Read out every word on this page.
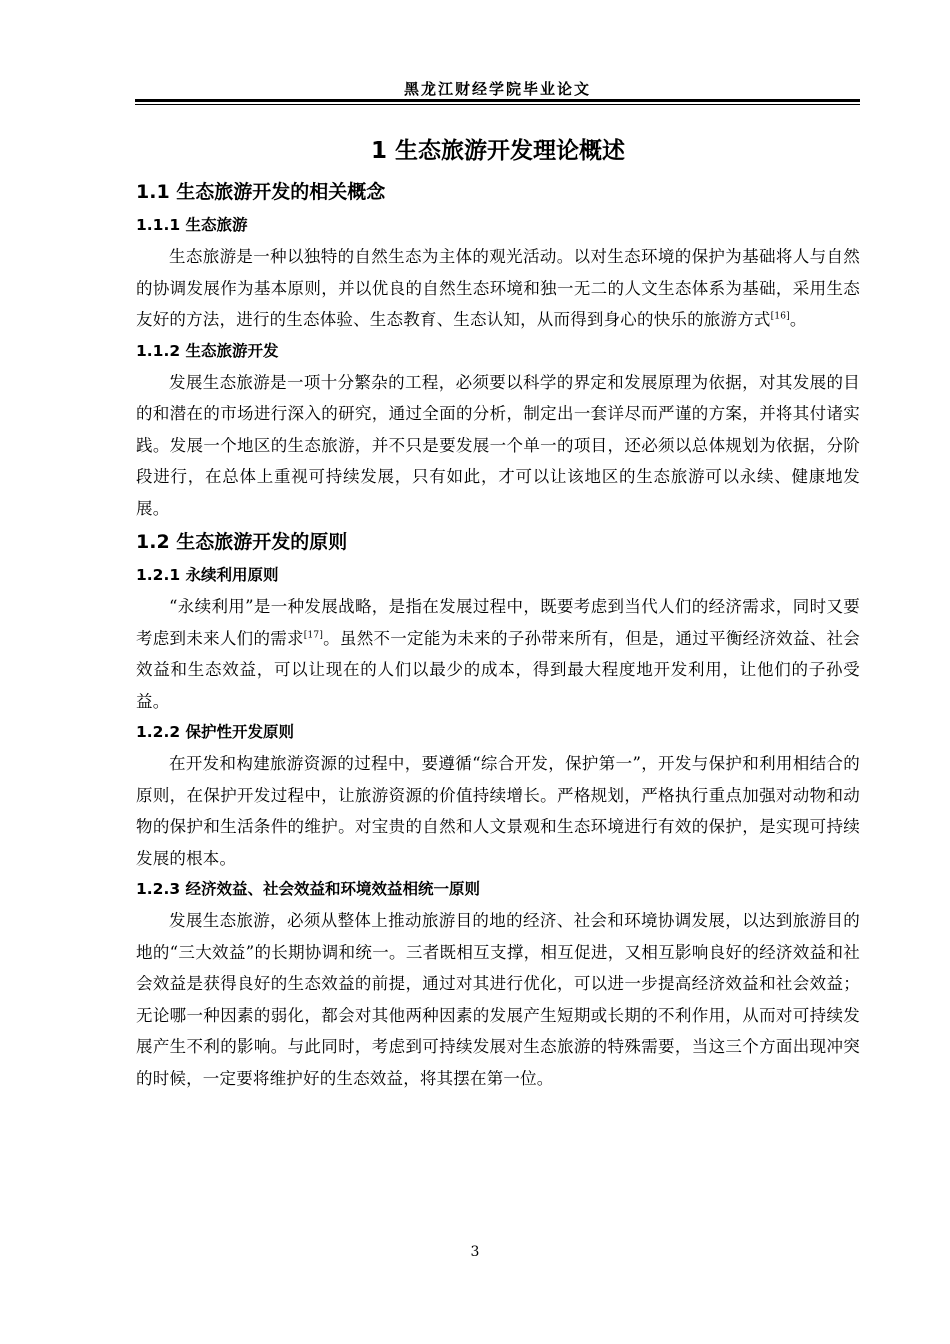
黑龙江财经学院毕业论文
1 生态旅游开发理论概述
1.1 生态旅游开发的相关概念
1.1.1 生态旅游

生态旅游是一种以独特的自然生态为主体的观光活动。以对生态环境的保护为基础将人与自然的协调发展作为基本原则，并以优良的自然生态环境和独一无二的人文生态体系为基础，采用生态友好的方法，进行的生态体验、生态教育、生态认知，从而得到身心的快乐的旅游方式[16]。

1.1.2 生态旅游开发

发展生态旅游是一项十分繁杂的工程，必须要以科学的界定和发展原理为依据，对其发展的目的和潜在的市场进行深入的研究，通过全面的分析，制定出一套详尽而严谨的方案，并将其付诸实践。发展一个地区的生态旅游，并不只是要发展一个单一的项目，还必须以总体规划为依据，分阶段进行，在总体上重视可持续发展，只有如此，才可以让该地区的生态旅游可以永续、健康地发展。

1.2 生态旅游开发的原则
1.2.1 永续利用原则

“永续利用”是一种发展战略，是指在发展过程中，既要考虑到当代人们的经济需求，同时又要考虑到未来人们的需求[17]。虽然不一定能为未来的子孙带来所有，但是，通过平衡经济效益、社会效益和生态效益，可以让现在的人们以最少的成本，得到最大程度地开发利用，让他们的子孙受益。

1.2.2 保护性开发原则

在开发和构建旅游资源的过程中，要遵循“综合开发，保护第一”，开发与保护和利用相结合的原则，在保护开发过程中，让旅游资源的价值持续增长。严格规划，严格执行重点加强对动物和动物的保护和生活条件的维护。对宝贵的自然和人文景观和生态环境进行有效的保护，是实现可持续发展的根本。

1.2.3 经济效益、社会效益和环境效益相统一原则

发展生态旅游，必须从整体上推动旅游目的地的经济、社会和环境协调发展，以达到旅游目的地的“三大效益”的长期协调和统一。三者既相互支撑，相互促进，又相互影响良好的经济效益和社会效益是获得良好的生态效益的前提，通过对其进行优化，可以进一步提高经济效益和社会效益；无论哪一种因素的弱化，都会对其他两种因素的发展产生短期或长期的不利作用，从而对可持续发展产生不利的影响。与此同时，考虑到可持续发展对生态旅游的特殊需要，当这三个方面出现冲突的时候，一定要将维护好的生态效益，将其摆在第一位。

3
